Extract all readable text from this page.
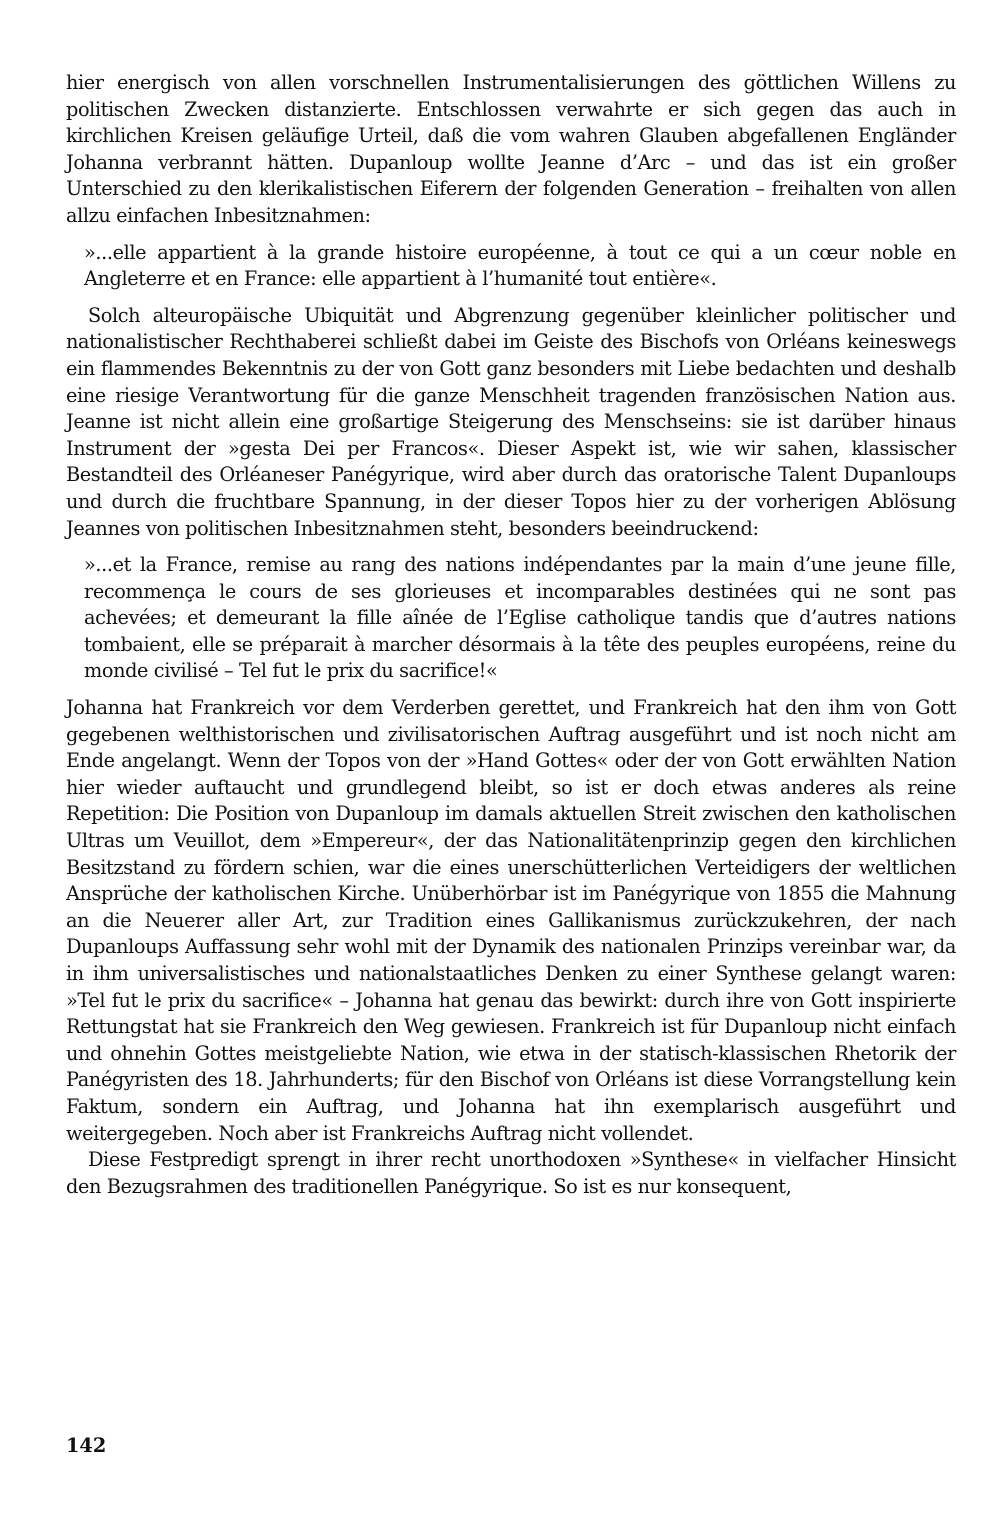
hier energisch von allen vorschnellen Instrumentalisierungen des göttlichen Willens zu politischen Zwecken distanzierte. Entschlossen verwahrte er sich gegen das auch in kirchlichen Kreisen geläufige Urteil, daß die vom wahren Glauben abgefallenen Engländer Johanna verbrannt hätten. Dupanloup wollte Jeanne d’Arc – und das ist ein großer Unterschied zu den klerikalistischen Eiferern der folgenden Generation – freihalten von allen allzu einfachen Inbesitznahmen:

»...elle appartient à la grande histoire européenne, à tout ce qui a un cœur noble en Angleterre et en France: elle appartient à l’humanité tout entière«.

Solch alteuropäische Ubiquität und Abgrenzung gegenüber kleinlicher politischer und nationalistischer Rechthaberei schließt dabei im Geiste des Bischofs von Orléans keineswegs ein flammendes Bekenntnis zu der von Gott ganz besonders mit Liebe bedachten und deshalb eine riesige Verantwortung für die ganze Menschheit tragenden französischen Nation aus. Jeanne ist nicht allein eine großartige Steigerung des Menschseins: sie ist darüber hinaus Instrument der »gesta Dei per Francos«. Dieser Aspekt ist, wie wir sahen, klassischer Bestandteil des Orléaneser Panégyrique, wird aber durch das oratorische Talent Dupanloups und durch die fruchtbare Spannung, in der dieser Topos hier zu der vorherigen Ablösung Jeannes von politischen Inbesitznahmen steht, besonders beeindruckend:

»...et la France, remise au rang des nations indépendantes par la main d’une jeune fille, recommença le cours de ses glorieuses et incomparables destinées qui ne sont pas achevées; et demeurant la fille aînée de l’Eglise catholique tandis que d’autres nations tombaient, elle se préparait à marcher désormais à la tête des peuples européens, reine du monde civilisé – Tel fut le prix du sacrifice!«

Johanna hat Frankreich vor dem Verderben gerettet, und Frankreich hat den ihm von Gott gegebenen welthistorischen und zivilisatorischen Auftrag ausgeführt und ist noch nicht am Ende angelangt. Wenn der Topos von der »Hand Gottes« oder der von Gott erwählten Nation hier wieder auftaucht und grundlegend bleibt, so ist er doch etwas anderes als reine Repetition: Die Position von Dupanloup im damals aktuellen Streit zwischen den katholischen Ultras um Veuillot, dem »Empereur«, der das Nationalitätenprinzip gegen den kirchlichen Besitzstand zu fördern schien, war die eines unerschütterlichen Verteidigers der weltlichen Ansprüche der katholischen Kirche. Unüberhörbar ist im Panégyrique von 1855 die Mahnung an die Neuerer aller Art, zur Tradition eines Gallikanismus zurückzukehren, der nach Dupanloups Auffassung sehr wohl mit der Dynamik des nationalen Prinzips vereinbar war, da in ihm universalistisches und nationalstaatliches Denken zu einer Synthese gelangt waren: »Tel fut le prix du sacrifice« – Johanna hat genau das bewirkt: durch ihre von Gott inspirierte Rettungstat hat sie Frankreich den Weg gewiesen. Frankreich ist für Dupanloup nicht einfach und ohnehin Gottes meistgeliebte Nation, wie etwa in der statisch-klassischen Rhetorik der Panégyristen des 18. Jahrhunderts; für den Bischof von Orléans ist diese Vorrangstellung kein Faktum, sondern ein Auftrag, und Johanna hat ihn exemplarisch ausgeführt und weitergegeben. Noch aber ist Frankreichs Auftrag nicht vollendet.

Diese Festpredigt sprengt in ihrer recht unorthodoxen »Synthese« in vielfacher Hinsicht den Bezugsrahmen des traditionellen Panégyrique. So ist es nur konsequent,

142
